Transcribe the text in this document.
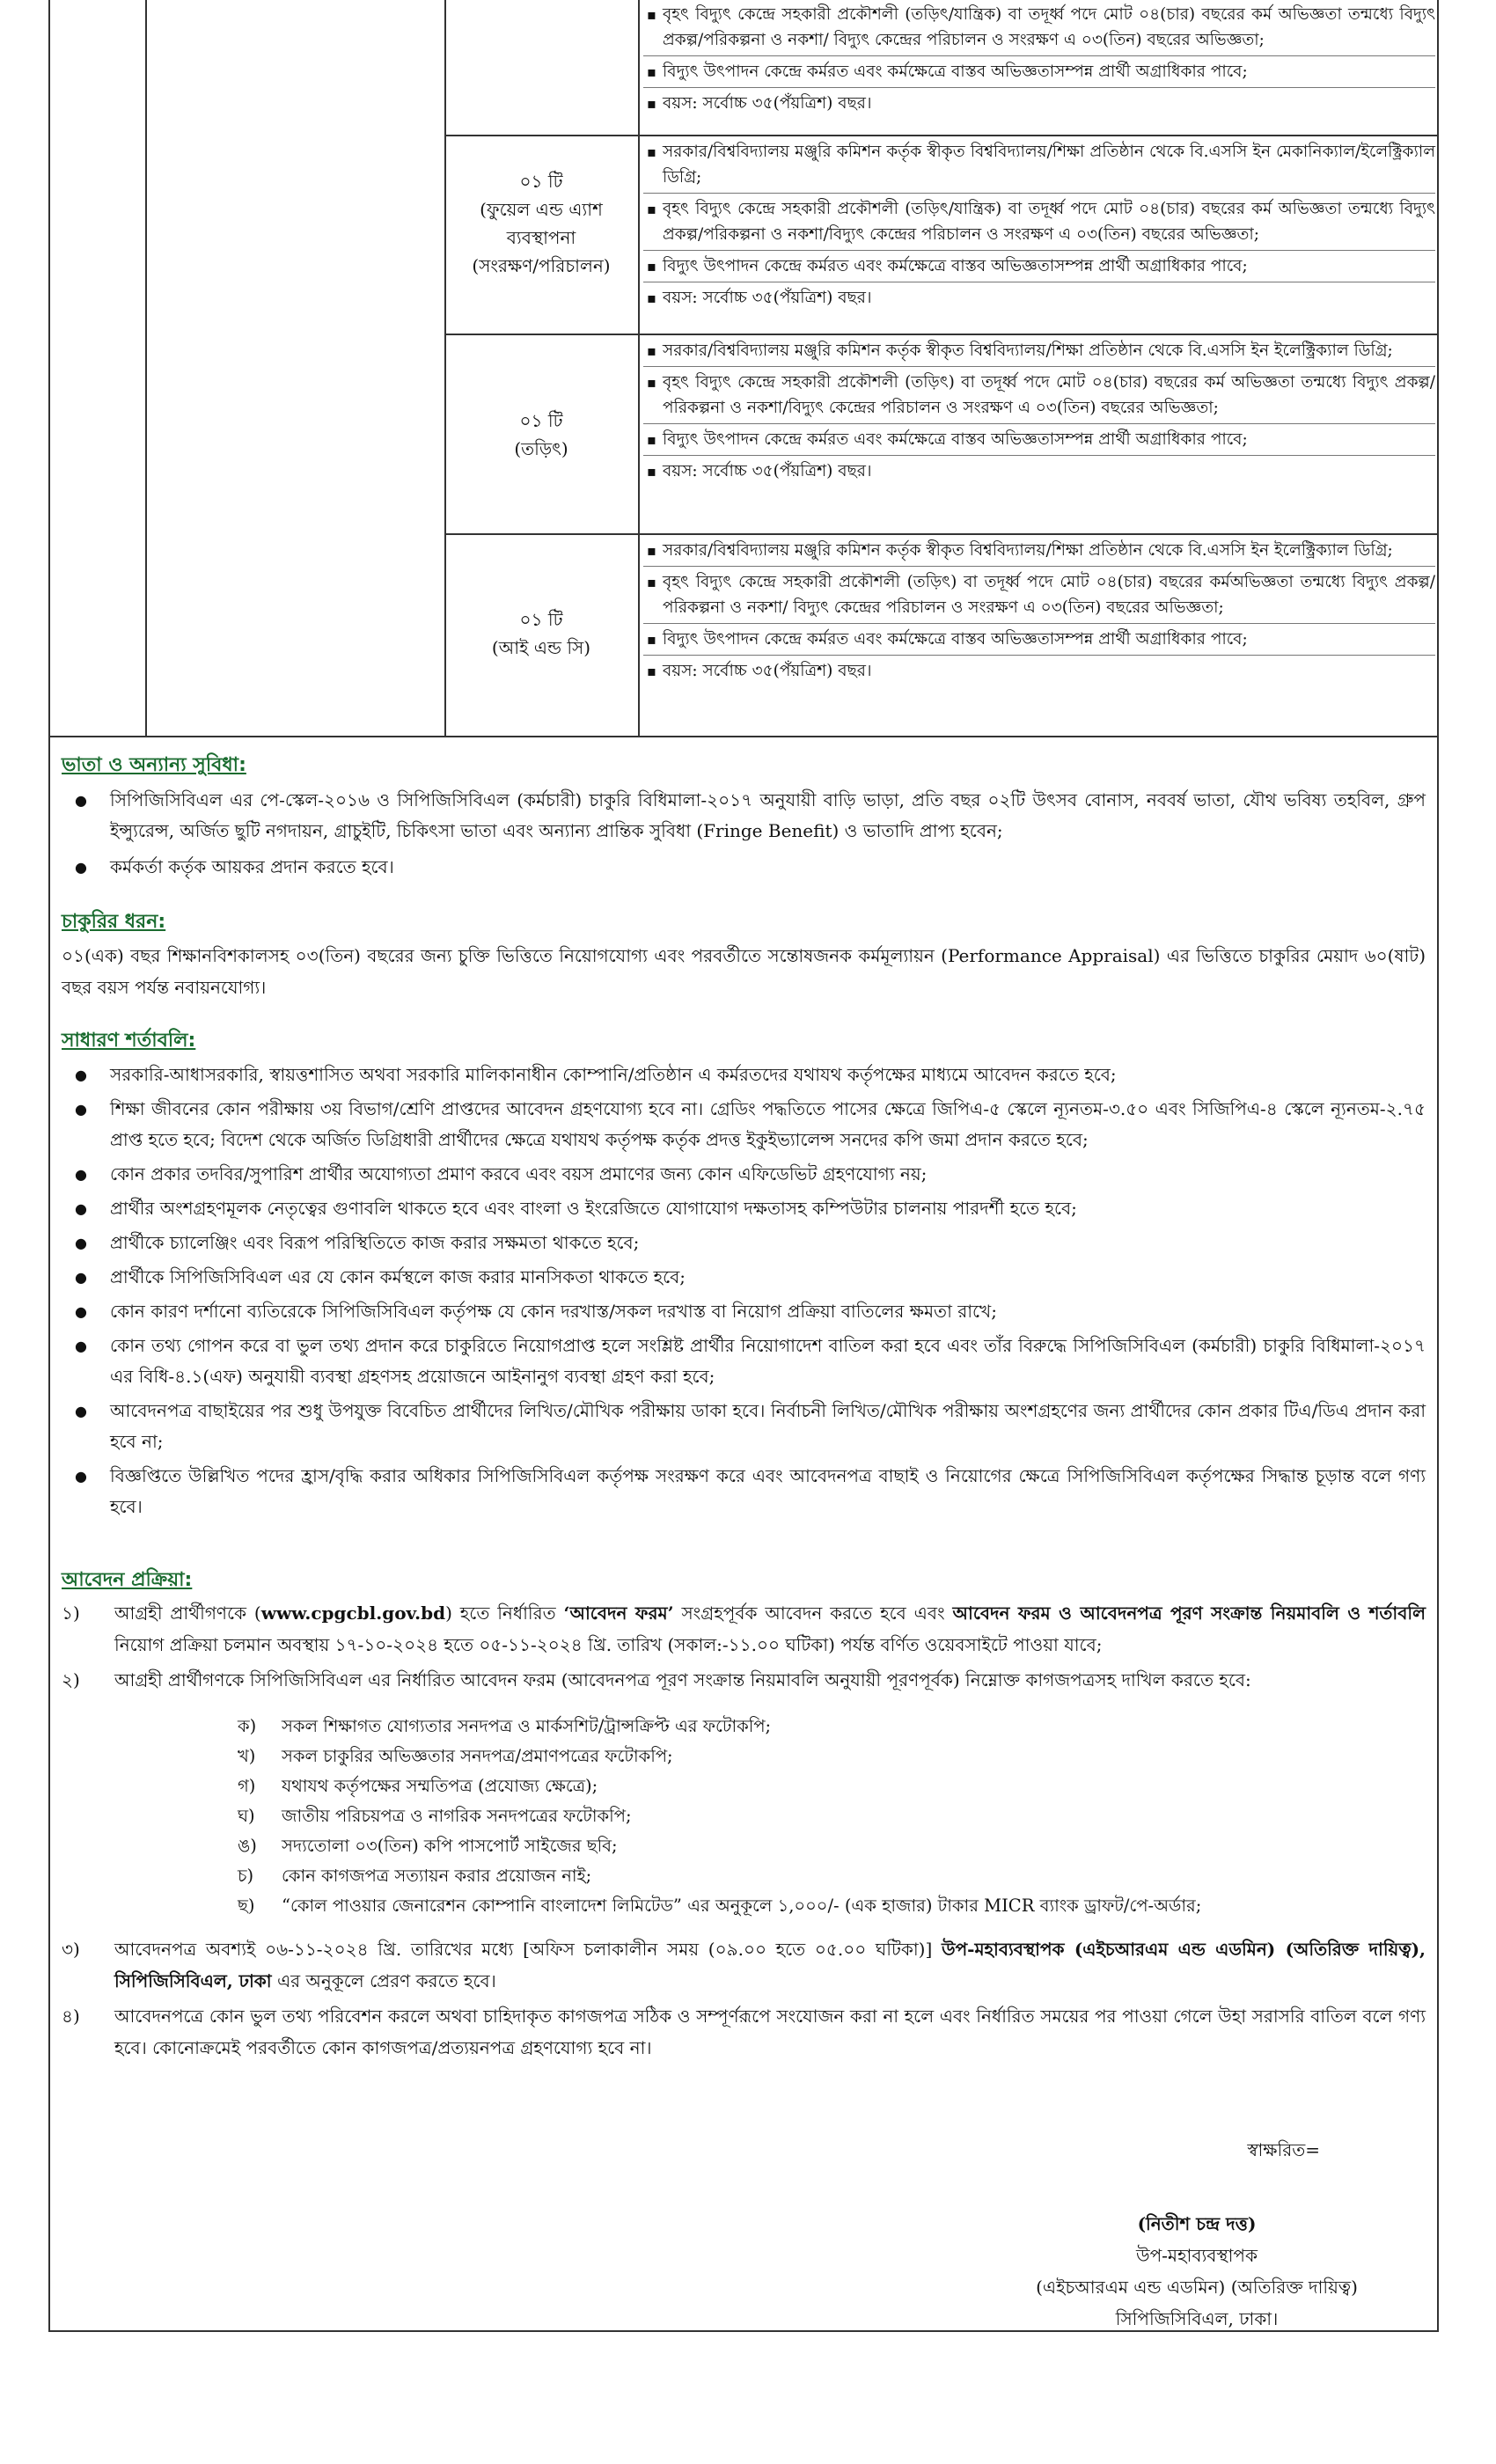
▪ বৃহৎ বিদ্যুৎ কেন্দ্রে সহকারী প্রকৌশলী (তড়িৎ/যান্ত্রিক) বা তদূর্ধ্ব পদে মোট ০৪(চার) বছরের কর্ম অভিজ্ঞতা তন্মধ্যে বিদ্যুৎ প্রকল্প/পরিকল্পনা ও নকশা/ বিদ্যুৎ কেন্দ্রের পরিচালন ও সংরক্ষণ এ ০৩(তিন) বছরের অভিজ্ঞতা;
▪ বিদ্যুৎ উৎপাদন কেন্দ্রে কর্মরত এবং কর্মক্ষেত্রে বাস্তব অভিজ্ঞতাসম্পন্ন প্রার্থী অগ্রাধিকার পাবে;
▪ বয়স: সর্বোচ্চ ৩৫(পঁয়ত্রিশ) বছর।
০১ টি
(ফুয়েল এন্ড এ্যাশ
ব্যবস্থাপনা
(সংরক্ষণ/পরিচালন)
▪ সরকার/বিশ্ববিদ্যালয় মঞ্জুরি কমিশন কর্তৃক স্বীকৃত বিশ্ববিদ্যালয়/শিক্ষা প্রতিষ্ঠান থেকে বি.এসসি ইন মেকানিক্যাল/ইলেক্ট্রিক্যাল ডিগ্রি;
▪ বৃহৎ বিদ্যুৎ কেন্দ্রে সহকারী প্রকৌশলী (তড়িৎ/যান্ত্রিক) বা তদূর্ধ্ব পদে মোট ০৪(চার) বছরের কর্ম অভিজ্ঞতা তন্মধ্যে বিদ্যুৎ প্রকল্প/পরিকল্পনা ও নকশা/বিদ্যুৎ কেন্দ্রের পরিচালন ও সংরক্ষণ এ ০৩(তিন) বছরের অভিজ্ঞতা;
▪ বিদ্যুৎ উৎপাদন কেন্দ্রে কর্মরত এবং কর্মক্ষেত্রে বাস্তব অভিজ্ঞতাসম্পন্ন প্রার্থী অগ্রাধিকার পাবে;
▪ বয়স: সর্বোচ্চ ৩৫(পঁয়ত্রিশ) বছর।
০১ টি
(তড়িৎ)
▪ সরকার/বিশ্ববিদ্যালয় মঞ্জুরি কমিশন কর্তৃক স্বীকৃত বিশ্ববিদ্যালয়/শিক্ষা প্রতিষ্ঠান থেকে বি.এসসি ইন ইলেক্ট্রিক্যাল ডিগ্রি;
▪ বৃহৎ বিদ্যুৎ কেন্দ্রে সহকারী প্রকৌশলী (তড়িৎ) বা তদূর্ধ্ব পদে মোট ০৪(চার) বছরের কর্ম অভিজ্ঞতা তন্মধ্যে বিদ্যুৎ প্রকল্প/পরিকল্পনা ও নকশা/বিদ্যুৎ কেন্দ্রের পরিচালন ও সংরক্ষণ এ ০৩(তিন) বছরের অভিজ্ঞতা;
▪ বিদ্যুৎ উৎপাদন কেন্দ্রে কর্মরত এবং কর্মক্ষেত্রে বাস্তব অভিজ্ঞতাসম্পন্ন প্রার্থী অগ্রাধিকার পাবে;
▪ বয়স: সর্বোচ্চ ৩৫(পঁয়ত্রিশ) বছর।
০১ টি
(আই এন্ড সি)
▪ সরকার/বিশ্ববিদ্যালয় মঞ্জুরি কমিশন কর্তৃক স্বীকৃত বিশ্ববিদ্যালয়/শিক্ষা প্রতিষ্ঠান থেকে বি.এসসি ইন ইলেক্ট্রিক্যাল ডিগ্রি;
▪ বৃহৎ বিদ্যুৎ কেন্দ্রে সহকারী প্রকৌশলী (তড়িৎ) বা তদূর্ধ্ব পদে মোট ০৪(চার) বছরের কর্মঅভিজ্ঞতা তন্মধ্যে বিদ্যুৎ প্রকল্প/পরিকল্পনা ও নকশা/ বিদ্যুৎ কেন্দ্রের পরিচালন ও সংরক্ষণ এ ০৩(তিন) বছরের অভিজ্ঞতা;
▪ বিদ্যুৎ উৎপাদন কেন্দ্রে কর্মরত এবং কর্মক্ষেত্রে বাস্তব অভিজ্ঞতাসম্পন্ন প্রার্থী অগ্রাধিকার পাবে;
▪ বয়স: সর্বোচ্চ ৩৫(পঁয়ত্রিশ) বছর।
ভাতা ও অন্যান্য সুবিধা:
● সিপিজিসিবিএল এর পে-স্কেল-২০১৬ ও সিপিজিসিবিএল (কর্মচারী) চাকুরি বিধিমালা-২০১৭ অনুযায়ী বাড়ি ভাড়া, প্রতি বছর ০২টি উৎসব বোনাস, নববর্ষ ভাতা, যৌথ ভবিষ্য তহবিল, গ্রুপ ইন্স্যুরেন্স, অর্জিত ছুটি নগদায়ন, গ্রাচুইটি, চিকিৎসা ভাতা এবং অন্যান্য প্রান্তিক সুবিধা (Fringe Benefit) ও ভাতাদি প্রাপ্য হবেন;
● কর্মকর্তা কর্তৃক আয়কর প্রদান করতে হবে।
চাকুরির ধরন:
০১(এক) বছর শিক্ষানবিশকালসহ ০৩(তিন) বছরের জন্য চুক্তি ভিত্তিতে নিয়োগযোগ্য এবং পরবর্তীতে সন্তোষজনক কর্মমূল্যায়ন (Performance Appraisal) এর ভিত্তিতে চাকুরির মেয়াদ ৬০(ষাট) বছর বয়স পর্যন্ত নবায়নযোগ্য।
সাধারণ শর্তাবলি:
● সরকারি-আধাসরকারি, স্বায়ত্তশাসিত অথবা সরকারি মালিকানাধীন কোম্পানি/প্রতিষ্ঠান এ কর্মরতদের যথাযথ কর্তৃপক্ষের মাধ্যমে আবেদন করতে হবে;
● শিক্ষা জীবনের কোন পরীক্ষায় ৩য় বিভাগ/শ্রেণি প্রাপ্তদের আবেদন গ্রহণযোগ্য হবে না। গ্রেডিং পদ্ধতিতে পাসের ক্ষেত্রে জিপিএ-৫ স্কেলে ন্যূনতম-৩.৫০ এবং সিজিপিএ-৪ স্কেলে ন্যূনতম-২.৭৫ প্রাপ্ত হতে হবে; বিদেশ থেকে অর্জিত ডিগ্রিধারী প্রার্থীদের ক্ষেত্রে যথাযথ কর্তৃপক্ষ কর্তৃক প্রদত্ত ইকুইভ্যালেন্স সনদের কপি জমা প্রদান করতে হবে;
● কোন প্রকার তদবির/সুপারিশ প্রার্থীর অযোগ্যতা প্রমাণ করবে এবং বয়স প্রমাণের জন্য কোন এফিডেভিট গ্রহণযোগ্য নয়;
● প্রার্থীর অংশগ্রহণমূলক নেতৃত্বের গুণাবলি থাকতে হবে এবং বাংলা ও ইংরেজিতে যোগাযোগ দক্ষতাসহ কম্পিউটার চালনায় পারদর্শী হতে হবে;
● প্রার্থীকে চ্যালেঞ্জিং এবং বিরূপ পরিস্থিতিতে কাজ করার সক্ষমতা থাকতে হবে;
● প্রার্থীকে সিপিজিসিবিএল এর যে কোন কর্মস্থলে কাজ করার মানসিকতা থাকতে হবে;
● কোন কারণ দর্শানো ব্যতিরেকে সিপিজিসিবিএল কর্তৃপক্ষ যে কোন দরখাস্ত/সকল দরখাস্ত বা নিয়োগ প্রক্রিয়া বাতিলের ক্ষমতা রাখে;
● কোন তথ্য গোপন করে বা ভুল তথ্য প্রদান করে চাকুরিতে নিয়োগপ্রাপ্ত হলে সংশ্লিষ্ট প্রার্থীর নিয়োগাদেশ বাতিল করা হবে এবং তাঁর বিরুদ্ধে সিপিজিসিবিএল (কর্মচারী) চাকুরি বিধিমালা-২০১৭ এর বিধি-৪.১(এফ) অনুযায়ী ব্যবস্থা গ্রহণসহ প্রয়োজনে আইনানুগ ব্যবস্থা গ্রহণ করা হবে;
● আবেদনপত্র বাছাইয়ের পর শুধু উপযুক্ত বিবেচিত প্রার্থীদের লিখিত/মৌখিক পরীক্ষায় ডাকা হবে। নির্বাচনী লিখিত/মৌখিক পরীক্ষায় অংশগ্রহণের জন্য প্রার্থীদের কোন প্রকার টিএ/ডিএ প্রদান করা হবে না;
● বিজ্ঞপ্তিতে উল্লিখিত পদের হ্রাস/বৃদ্ধি করার অধিকার সিপিজিসিবিএল কর্তৃপক্ষ সংরক্ষণ করে এবং আবেদনপত্র বাছাই ও নিয়োগের ক্ষেত্রে সিপিজিসিবিএল কর্তৃপক্ষের সিদ্ধান্ত চূড়ান্ত বলে গণ্য হবে।
আবেদন প্রক্রিয়া:
১) আগ্রহী প্রার্থীগণকে (www.cpgcbl.gov.bd) হতে নির্ধারিত ‘আবেদন ফরম’ সংগ্রহপূর্বক আবেদন করতে হবে এবং আবেদন ফরম ও আবেদনপত্র পূরণ সংক্রান্ত নিয়মাবলি ও শর্তাবলি নিয়োগ প্রক্রিয়া চলমান অবস্থায় ১৭-১০-২০২৪ হতে ০৫-১১-২০২৪ খ্রি. তারিখ (সকাল:-১১.০০ ঘটিকা) পর্যন্ত বর্ণিত ওয়েবসাইটে পাওয়া যাবে;
২) আগ্রহী প্রার্থীগণকে সিপিজিসিবিএল এর নির্ধারিত আবেদন ফরম (আবেদনপত্র পূরণ সংক্রান্ত নিয়মাবলি অনুযায়ী পূরণপূর্বক) নিম্নোক্ত কাগজপত্রসহ দাখিল করতে হবে:
ক) সকল শিক্ষাগত যোগ্যতার সনদপত্র ও মার্কসশিট/ট্রান্সক্রিপ্ট এর ফটোকপি;
খ) সকল চাকুরির অভিজ্ঞতার সনদপত্র/প্রমাণপত্রের ফটোকপি;
গ) যথাযথ কর্তৃপক্ষের সম্মতিপত্র (প্রযোজ্য ক্ষেত্রে);
ঘ) জাতীয় পরিচয়পত্র ও নাগরিক সনদপত্রের ফটোকপি;
ঙ) সদ্যতোলা ০৩(তিন) কপি পাসপোর্ট সাইজের ছবি;
চ) কোন কাগজপত্র সত্যায়ন করার প্রয়োজন নাই;
ছ) “কোল পাওয়ার জেনারেশন কোম্পানি বাংলাদেশ লিমিটেড” এর অনুকূলে ১,০০০/- (এক হাজার) টাকার MICR ব্যাংক ড্রাফট/পে-অর্ডার;
৩) আবেদনপত্র অবশ্যই ০৬-১১-২০২৪ খ্রি. তারিখের মধ্যে [অফিস চলাকালীন সময় (০৯.০০ হতে ০৫.০০ ঘটিকা)] উপ-মহাব্যবস্থাপক (এইচআরএম এন্ড এডমিন) (অতিরিক্ত দায়িত্ব), সিপিজিসিবিএল, ঢাকা এর অনুকূলে প্রেরণ করতে হবে।
৪) আবেদনপত্রে কোন ভুল তথ্য পরিবেশন করলে অথবা চাহিদাকৃত কাগজপত্র সঠিক ও সম্পূর্ণরূপে সংযোজন করা না হলে এবং নির্ধারিত সময়ের পর পাওয়া গেলে উহা সরাসরি বাতিল বলে গণ্য হবে। কোনোক্রমেই পরবর্তীতে কোন কাগজপত্র/প্রত্যয়নপত্র গ্রহণযোগ্য হবে না।
স্বাক্ষরিত=
(নিতীশ চন্দ্র দত্ত)
উপ-মহাব্যবস্থাপক
(এইচআরএম এন্ড এডমিন) (অতিরিক্ত দায়িত্ব)
সিপিজিসিবিএল, ঢাকা।
